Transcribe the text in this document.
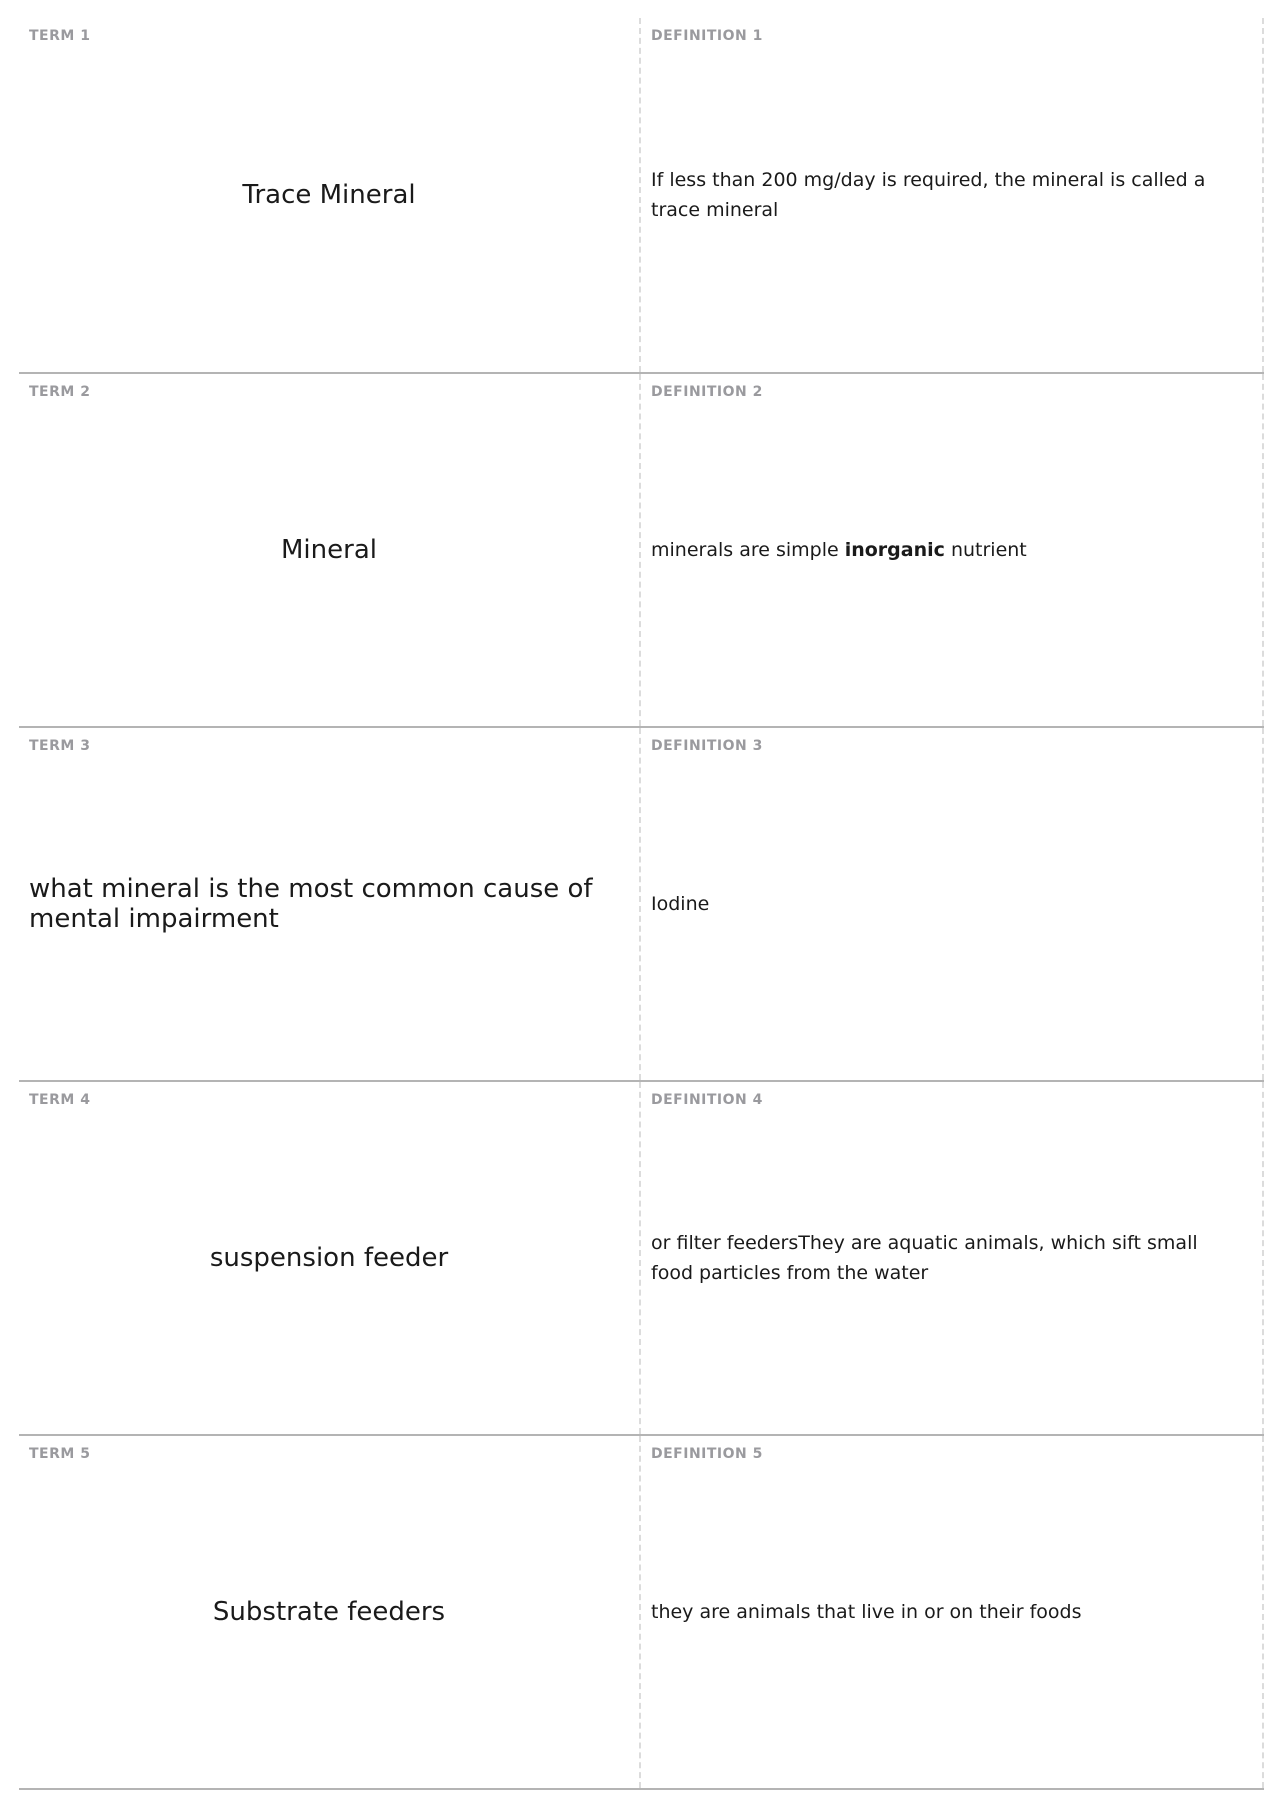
TERM 1
Trace Mineral
DEFINITION 1
If less than 200 mg/day is required, the mineral is called a trace mineral
TERM 2
Mineral
DEFINITION 2
minerals are simple inorganic nutrient
TERM 3
what mineral is the most common cause of mental impairment
DEFINITION 3
Iodine
TERM 4
suspension feeder
DEFINITION 4
or filter feedersThey are aquatic animals, which sift small food particles from the water
TERM 5
Substrate feeders
DEFINITION 5
they are animals that live in or on their foods
